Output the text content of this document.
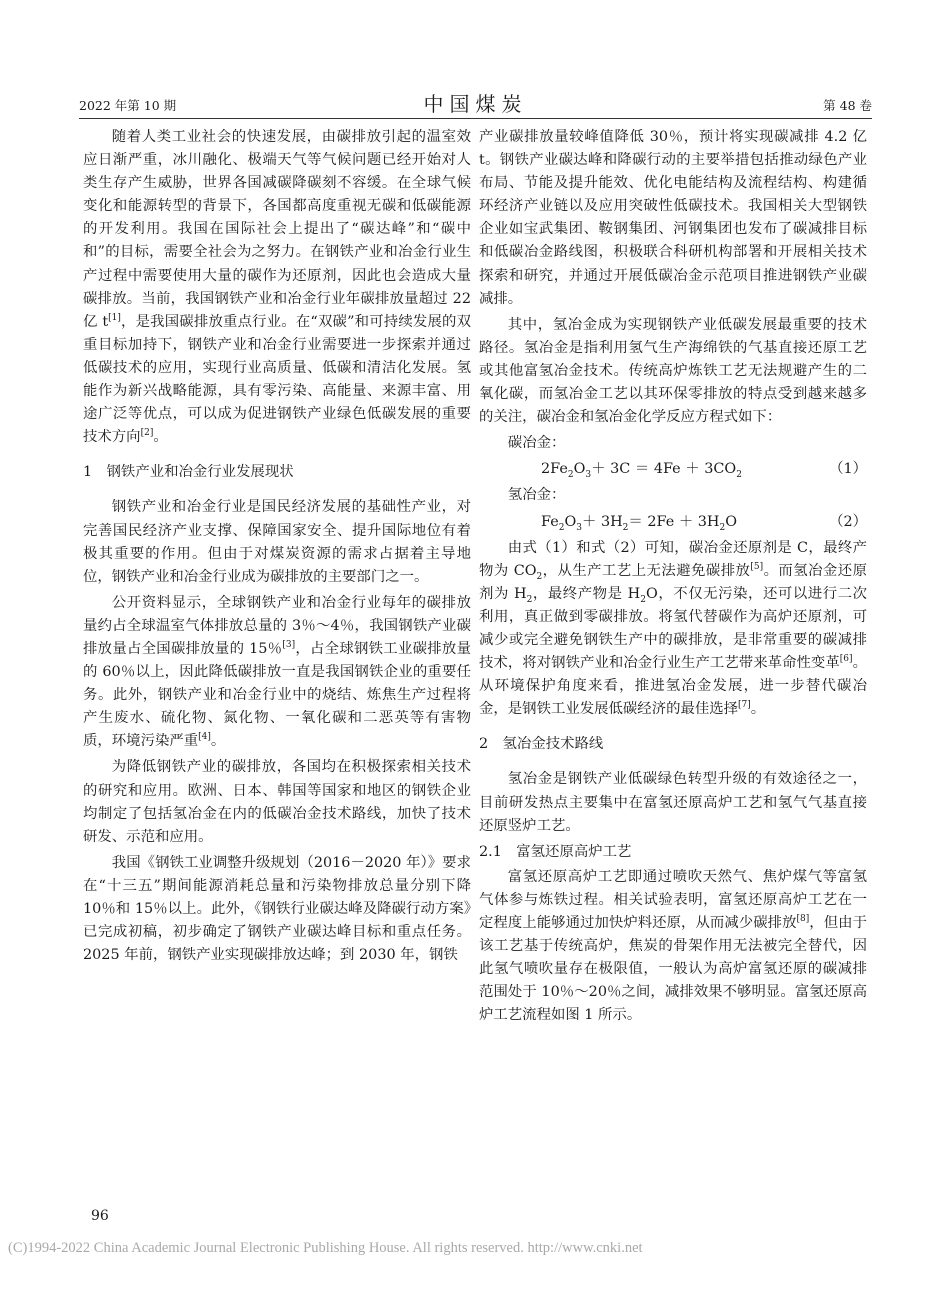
2022 年第 10 期	中国煤炭	第 48 卷

随着人类工业社会的快速发展，由碳排放引起的温室效应日渐严重，冰川融化、极端天气等气候问题已经开始对人类生存产生威胁，世界各国减碳降碳刻不容缓。在全球气候变化和能源转型的背景下，各国都高度重视无碳和低碳能源的开发利用。我国在国际社会上提出了“碳达峰”和“碳中和”的目标，需要全社会为之努力。在钢铁产业和冶金行业生产过程中需要使用大量的碳作为还原剂，因此也会造成大量碳排放。当前，我国钢铁产业和冶金行业年碳排放量超过 22 亿 t[1]，是我国碳排放重点行业。在“双碳”和可持续发展的双重目标加持下，钢铁产业和冶金行业需要进一步探索并通过低碳技术的应用，实现行业高质量、低碳和清洁化发展。氢能作为新兴战略能源，具有零污染、高能量、来源丰富、用途广泛等优点，可以成为促进钢铁产业绿色低碳发展的重要技术方向[2]。

1　钢铁产业和冶金行业发展现状

钢铁产业和冶金行业是国民经济发展的基础性产业，对完善国民经济产业支撑、保障国家安全、提升国际地位有着极其重要的作用。但由于对煤炭资源的需求占据着主导地位，钢铁产业和冶金行业成为碳排放的主要部门之一。

公开资料显示，全球钢铁产业和冶金行业每年的碳排放量约占全球温室气体排放总量的 3％～4％，我国钢铁产业碳排放量占全国碳排放量的 15％[3]，占全球钢铁工业碳排放量的 60％以上，因此降低碳排放一直是我国钢铁企业的重要任务。此外，钢铁产业和冶金行业中的烧结、炼焦生产过程将产生废水、硫化物、氮化物、一氧化碳和二恶英等有害物质，环境污染严重[4]。

为降低钢铁产业的碳排放，各国均在积极探索相关技术的研究和应用。欧洲、日本、韩国等国家和地区的钢铁企业均制定了包括氢冶金在内的低碳冶金技术路线，加快了技术研发、示范和应用。

我国《钢铁工业调整升级规划（2016－2020 年）》要求在“十三五”期间能源消耗总量和污染物排放总量分别下降 10％和 15％以上。此外，《钢铁行业碳达峰及降碳行动方案》已完成初稿，初步确定了钢铁产业碳达峰目标和重点任务。2025 年前，钢铁产业实现碳排放达峰；到 2030 年，钢铁

产业碳排放量较峰值降低 30％，预计将实现碳减排 4.2 亿 t。钢铁产业碳达峰和降碳行动的主要举措包括推动绿色产业布局、节能及提升能效、优化电能结构及流程结构、构建循环经济产业链以及应用突破性低碳技术。我国相关大型钢铁企业如宝武集团、鞍钢集团、河钢集团也发布了碳减排目标和低碳冶金路线图，积极联合科研机构部署和开展相关技术探索和研究，并通过开展低碳冶金示范项目推进钢铁产业碳减排。

其中，氢冶金成为实现钢铁产业低碳发展最重要的技术路径。氢冶金是指利用氢气生产海绵铁的气基直接还原工艺或其他富氢冶金技术。传统高炉炼铁工艺无法规避产生的二氧化碳，而氢冶金工艺以其环保零排放的特点受到越来越多的关注，碳冶金和氢冶金化学反应方程式如下：

碳冶金：

$2Fe_2O_3+ 3C = 4Fe + 3CO_2$	（1）

氢冶金：

$Fe_2O_3+ 3H_2= 2Fe + 3H_2O$	（2）

由式（1）和式（2）可知，碳冶金还原剂是 C，最终产物为 $CO_2$，从生产工艺上无法避免碳排放[5]。而氢冶金还原剂为 $H_2$，最终产物是 $H_2O$，不仅无污染，还可以进行二次利用，真正做到零碳排放。将氢代替碳作为高炉还原剂，可减少或完全避免钢铁生产中的碳排放，是非常重要的碳减排技术，将对钢铁产业和冶金行业生产工艺带来革命性变革[6]。从环境保护角度来看，推进氢冶金发展，进一步替代碳冶金，是钢铁工业发展低碳经济的最佳选择[7]。

2　氢冶金技术路线

氢冶金是钢铁产业低碳绿色转型升级的有效途径之一，目前研发热点主要集中在富氢还原高炉工艺和氢气气基直接还原竖炉工艺。

2.1　富氢还原高炉工艺

富氢还原高炉工艺即通过喷吹天然气、焦炉煤气等富氢气体参与炼铁过程。相关试验表明，富氢还原高炉工艺在一定程度上能够通过加快炉料还原，从而减少碳排放[8]，但由于该工艺基于传统高炉，焦炭的骨架作用无法被完全替代，因此氢气喷吹量存在极限值，一般认为高炉富氢还原的碳减排范围处于 10％～20％之间，减排效果不够明显。富氢还原高炉工艺流程如图 1 所示。

96
(C)1994-2022 China Academic Journal Electronic Publishing House. All rights reserved. http://www.cnki.net
